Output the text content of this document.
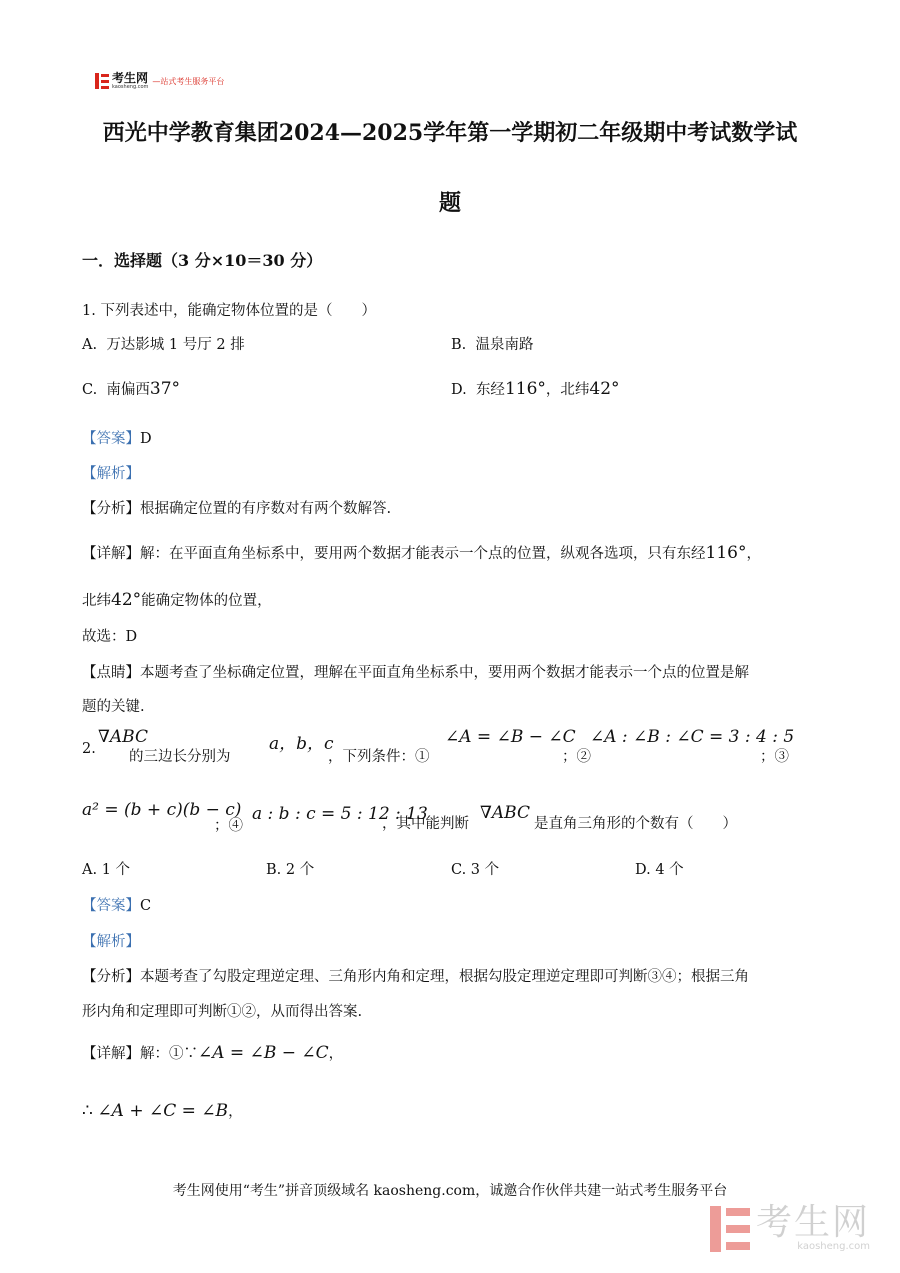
考生网
kaosheng.com
—站式考生服务平台
西光中学教育集团2024—2025学年第一学期初二年级期中考试数学试
题
一．选择题（3 分×10＝30 分）
1. 下列表述中，能确定物体位置的是（　　）
A. 万达影城 1 号厅 2 排	B. 温泉南路
C. 南偏西37°	D. 东经116°，北纬42°
【答案】D
【解析】
【分析】根据确定位置的有序数对有两个数解答.
【详解】解：在平面直角坐标系中，要用两个数据才能表示一个点的位置，纵观各选项，只有东经116°，
北纬42°能确定物体的位置，
故选：D
【点睛】本题考查了坐标确定位置，理解在平面直角坐标系中，要用两个数据才能表示一个点的位置是解
题的关键.
2.
∇ABC
的三边长分别为
a，b，c
，下列条件：①
∠A = ∠B − ∠C
；②
∠A : ∠B : ∠C = 3 : 4 : 5
；③
a² = (b + c)(b − c)
；④
a : b : c = 5 : 12 : 13
，其中能判断
∇ABC
是直角三角形的个数有（　　）
A. 1 个	B. 2 个	C. 3 个	D. 4 个
【答案】C
【解析】
【分析】本题考查了勾股定理逆定理、三角形内角和定理，根据勾股定理逆定理即可判断③④；根据三角
形内角和定理即可判断①②，从而得出答案.
【详解】解：①∵∠A = ∠B − ∠C，
∴ ∠A + ∠C = ∠B，
考生网使用“考生”拼音顶级域名 kaosheng.com，诚邀合作伙伴共建一站式考生服务平台
考生网
kaosheng.com
